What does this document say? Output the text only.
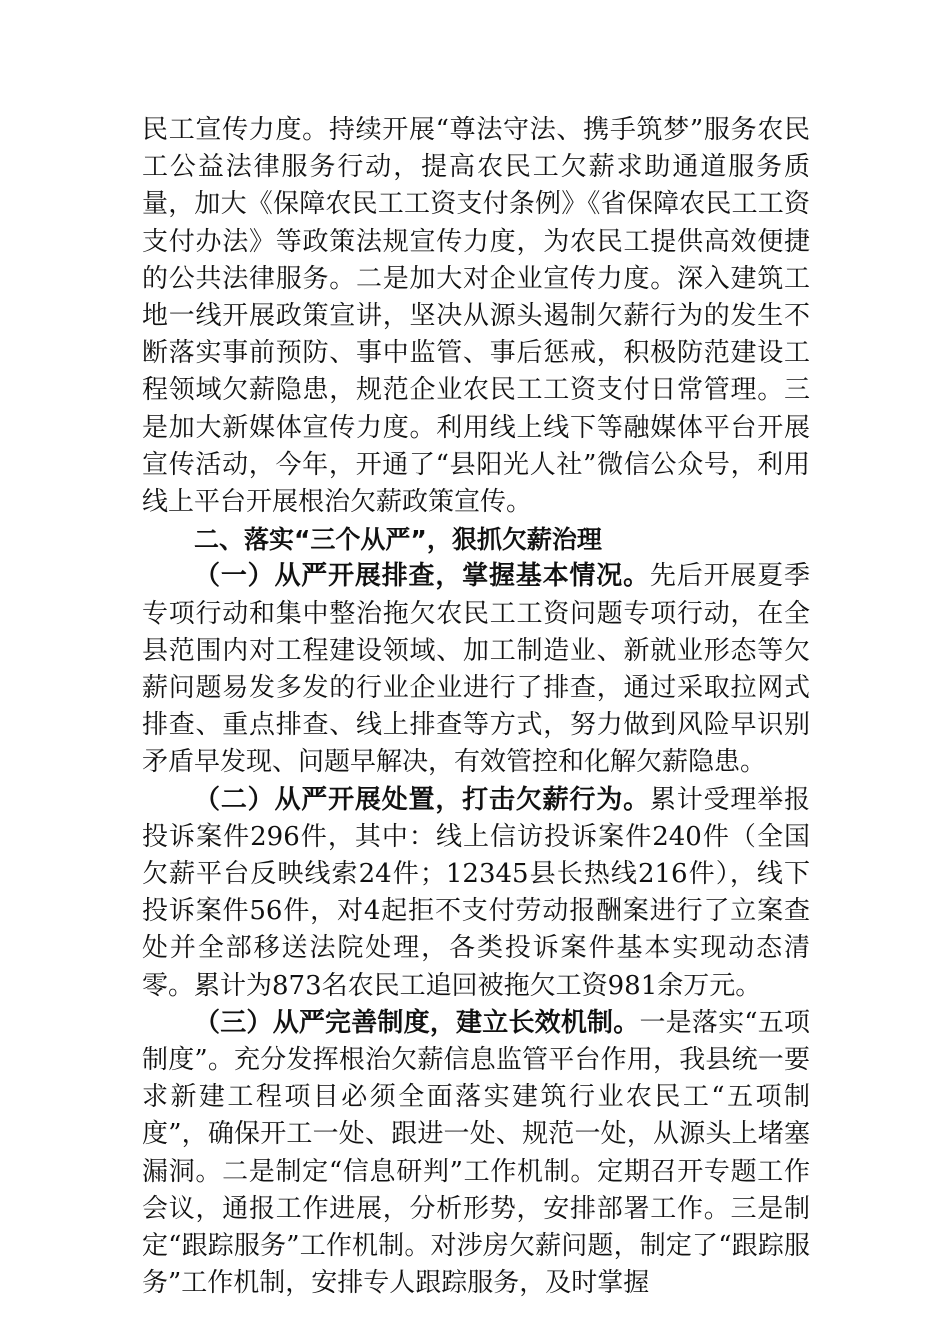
民工宣传力度。持续开展“尊法守法、携手筑梦”服务农民工公益法律服务行动，提高农民工欠薪求助通道服务质量，加大《保障农民工工资支付条例》《省保障农民工工资支付办法》等政策法规宣传力度，为农民工提供高效便捷的公共法律服务。二是加大对企业宣传力度。深入建筑工地一线开展政策宣讲，坚决从源头遏制欠薪行为的发生不断落实事前预防、事中监管、事后惩戒，积极防范建设工程领域欠薪隐患，规范企业农民工工资支付日常管理。三是加大新媒体宣传力度。利用线上线下等融媒体平台开展宣传活动，今年，开通了“县阳光人社”微信公众号，利用线上平台开展根治欠薪政策宣传。

二、落实“三个从严”，狠抓欠薪治理

（一）从严开展排查，掌握基本情况。先后开展夏季专项行动和集中整治拖欠农民工工资问题专项行动，在全县范围内对工程建设领域、加工制造业、新就业形态等欠薪问题易发多发的行业企业进行了排查，通过采取拉网式排查、重点排查、线上排查等方式，努力做到风险早识别矛盾早发现、问题早解决，有效管控和化解欠薪隐患。

（二）从严开展处置，打击欠薪行为。累计受理举报投诉案件296件，其中：线上信访投诉案件240件（全国欠薪平台反映线索24件；12345县长热线216件），线下投诉案件56件，对4起拒不支付劳动报酬案进行了立案查处并全部移送法院处理，各类投诉案件基本实现动态清零。累计为873名农民工追回被拖欠工资981余万元。

（三）从严完善制度，建立长效机制。一是落实“五项制度”。充分发挥根治欠薪信息监管平台作用，我县统一要求新建工程项目必须全面落实建筑行业农民工“五项制度”，确保开工一处、跟进一处、规范一处，从源头上堵塞漏洞。二是制定“信息研判”工作机制。定期召开专题工作会议，通报工作进展，分析形势，安排部署工作。三是制定“跟踪服务”工作机制。对涉房欠薪问题，制定了“跟踪服务”工作机制，安排专人跟踪服务，及时掌握
